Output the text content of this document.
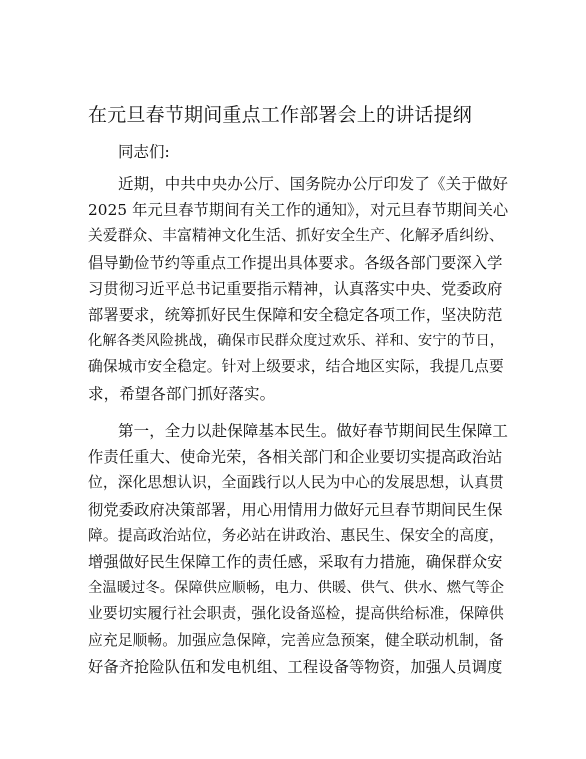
在元旦春节期间重点工作部署会上的讲话提纲

同志们:

近期，中共中央办公厅、国务院办公厅印发了《关于做好
2025 年元旦春节期间有关工作的通知》，对元旦春节期间关心
关爱群众、丰富精神文化生活、抓好安全生产、化解矛盾纠纷、
倡导勤俭节约等重点工作提出具体要求。各级各部门要深入学
习贯彻习近平总书记重要指示精神，认真落实中央、党委政府
部署要求，统筹抓好民生保障和安全稳定各项工作，坚决防范
化解各类风险挑战，确保市民群众度过欢乐、祥和、安宁的节日，
确保城市安全稳定。针对上级要求，结合地区实际，我提几点要
求，希望各部门抓好落实。
第一，全力以赴保障基本民生。做好春节期间民生保障工
作责任重大、使命光荣，各相关部门和企业要切实提高政治站
位，深化思想认识，全面践行以人民为中心的发展思想，认真贯
彻党委政府决策部署，用心用情用力做好元旦春节期间民生保
障。提高政治站位，务必站在讲政治、惠民生、保安全的高度，
增强做好民生保障工作的责任感，采取有力措施，确保群众安
全温暖过冬。保障供应顺畅，电力、供暖、供气、供水、燃气等企
业要切实履行社会职责，强化设备巡检，提高供给标准，保障供
应充足顺畅。加强应急保障，完善应急预案，健全联动机制，备
好备齐抢险队伍和发电机组、工程设备等物资，加强人员调度
